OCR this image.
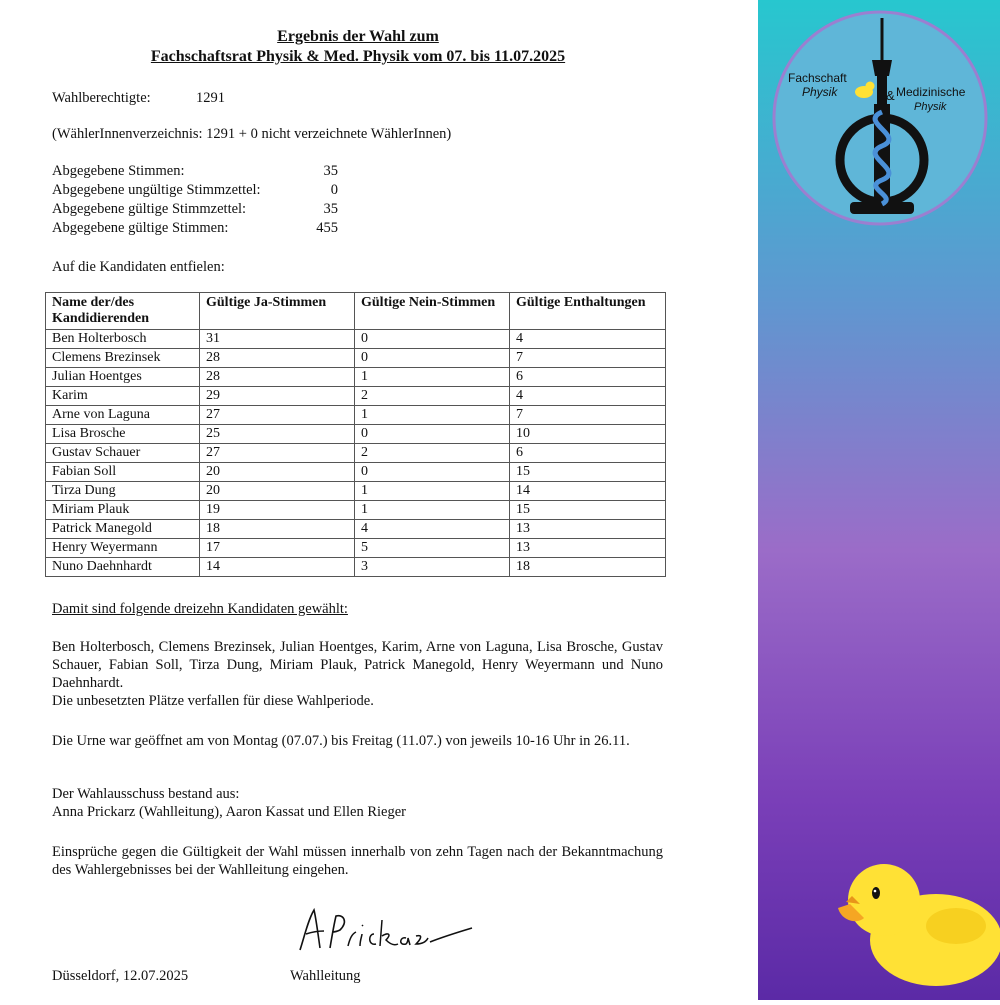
Ergebnis der Wahl zum
Fachschaftsrat Physik & Med. Physik vom 07. bis 11.07.2025
Wahlberechtigte:	1291
(WählerInnenverzeichnis: 1291 + 0 nicht verzeichnete WählerInnen)
Abgegebene Stimmen:	35
Abgegebene ungültige Stimmzettel:	0
Abgegebene gültige Stimmzettel:	35
Abgegebene gültige Stimmen:	455
Auf die Kandidaten entfielen:
Name der/des Kandidierenden	Gültige Ja-Stimmen	Gültige Nein-Stimmen	Gültige Enthaltungen
Ben Holterbosch	31	0	4
Clemens Brezinsek	28	0	7
Julian Hoentges	28	1	6
Karim	29	2	4
Arne von Laguna	27	1	7
Lisa Brosche	25	0	10
Gustav Schauer	27	2	6
Fabian Soll	20	0	15
Tirza Dung	20	1	14
Miriam Plauk	19	1	15
Patrick Manegold	18	4	13
Henry Weyermann	17	5	13
Nuno Daehnhardt	14	3	18
Damit sind folgende dreizehn Kandidaten gewählt:
Ben Holterbosch, Clemens Brezinsek, Julian Hoentges, Karim, Arne von Laguna, Lisa Brosche, Gustav Schauer, Fabian Soll, Tirza Dung, Miriam Plauk, Patrick Manegold, Henry Weyermann und Nuno Daehnhardt.
Die unbesetzten Plätze verfallen für diese Wahlperiode.
Die Urne war geöffnet am von Montag (07.07.) bis Freitag (11.07.) von jeweils 10-16 Uhr in 26.11.
Der Wahlausschuss bestand aus:
Anna Prickarz (Wahlleitung), Aaron Kassat und Ellen Rieger
Einsprüche gegen die Gültigkeit der Wahl müssen innerhalb von zehn Tagen nach der Bekanntmachung des Wahlergebnisses bei der Wahlleitung eingehen.
Düsseldorf, 12.07.2025	Wahlleitung
Fachschaft
Physik	& Medizinische
Physik
